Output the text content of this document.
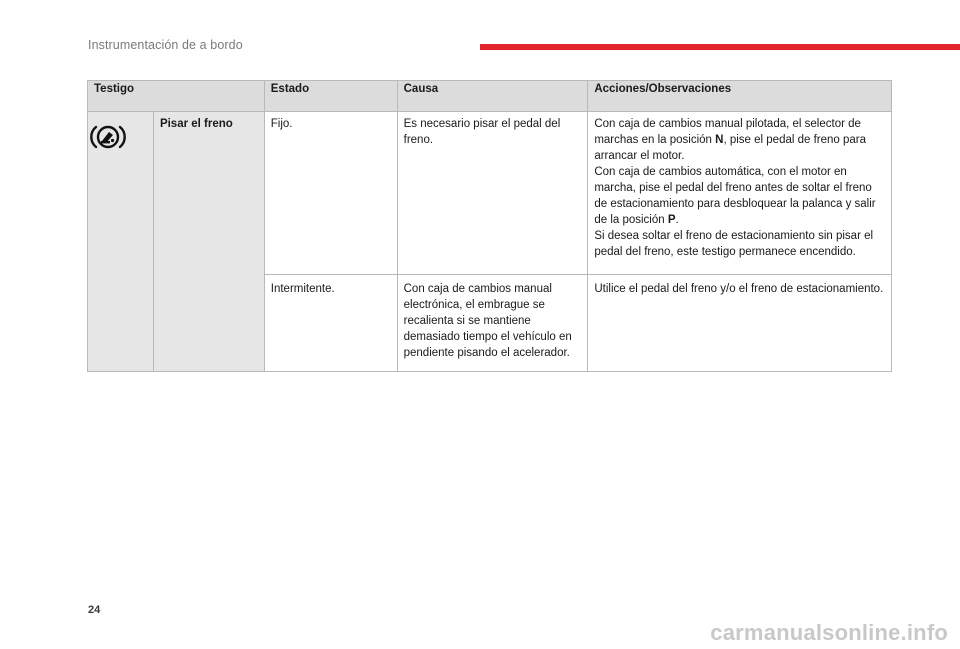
Instrumentación de a bordo
Testigo		Estado	Causa	Acciones/Observaciones
	Pisar el freno	Fijo.	Es necesario pisar el pedal del freno.	Con caja de cambios manual pilotada, el selector de marchas en la posición N, pise el pedal de freno para arrancar el motor.
Con caja de cambios automática, con el motor en marcha, pise el pedal del freno antes de soltar el freno de estacionamiento para desbloquear la palanca y salir de la posición P.
Si desea soltar el freno de estacionamiento sin pisar el pedal del freno, este testigo permanece encendido.
		Intermitente.	Con caja de cambios manual electrónica, el embrague se recalienta si se mantiene demasiado tiempo el vehículo en pendiente pisando el acelerador.	Utilice el pedal del freno y/o el freno de estacionamiento.
24
carmanualsonline.info
